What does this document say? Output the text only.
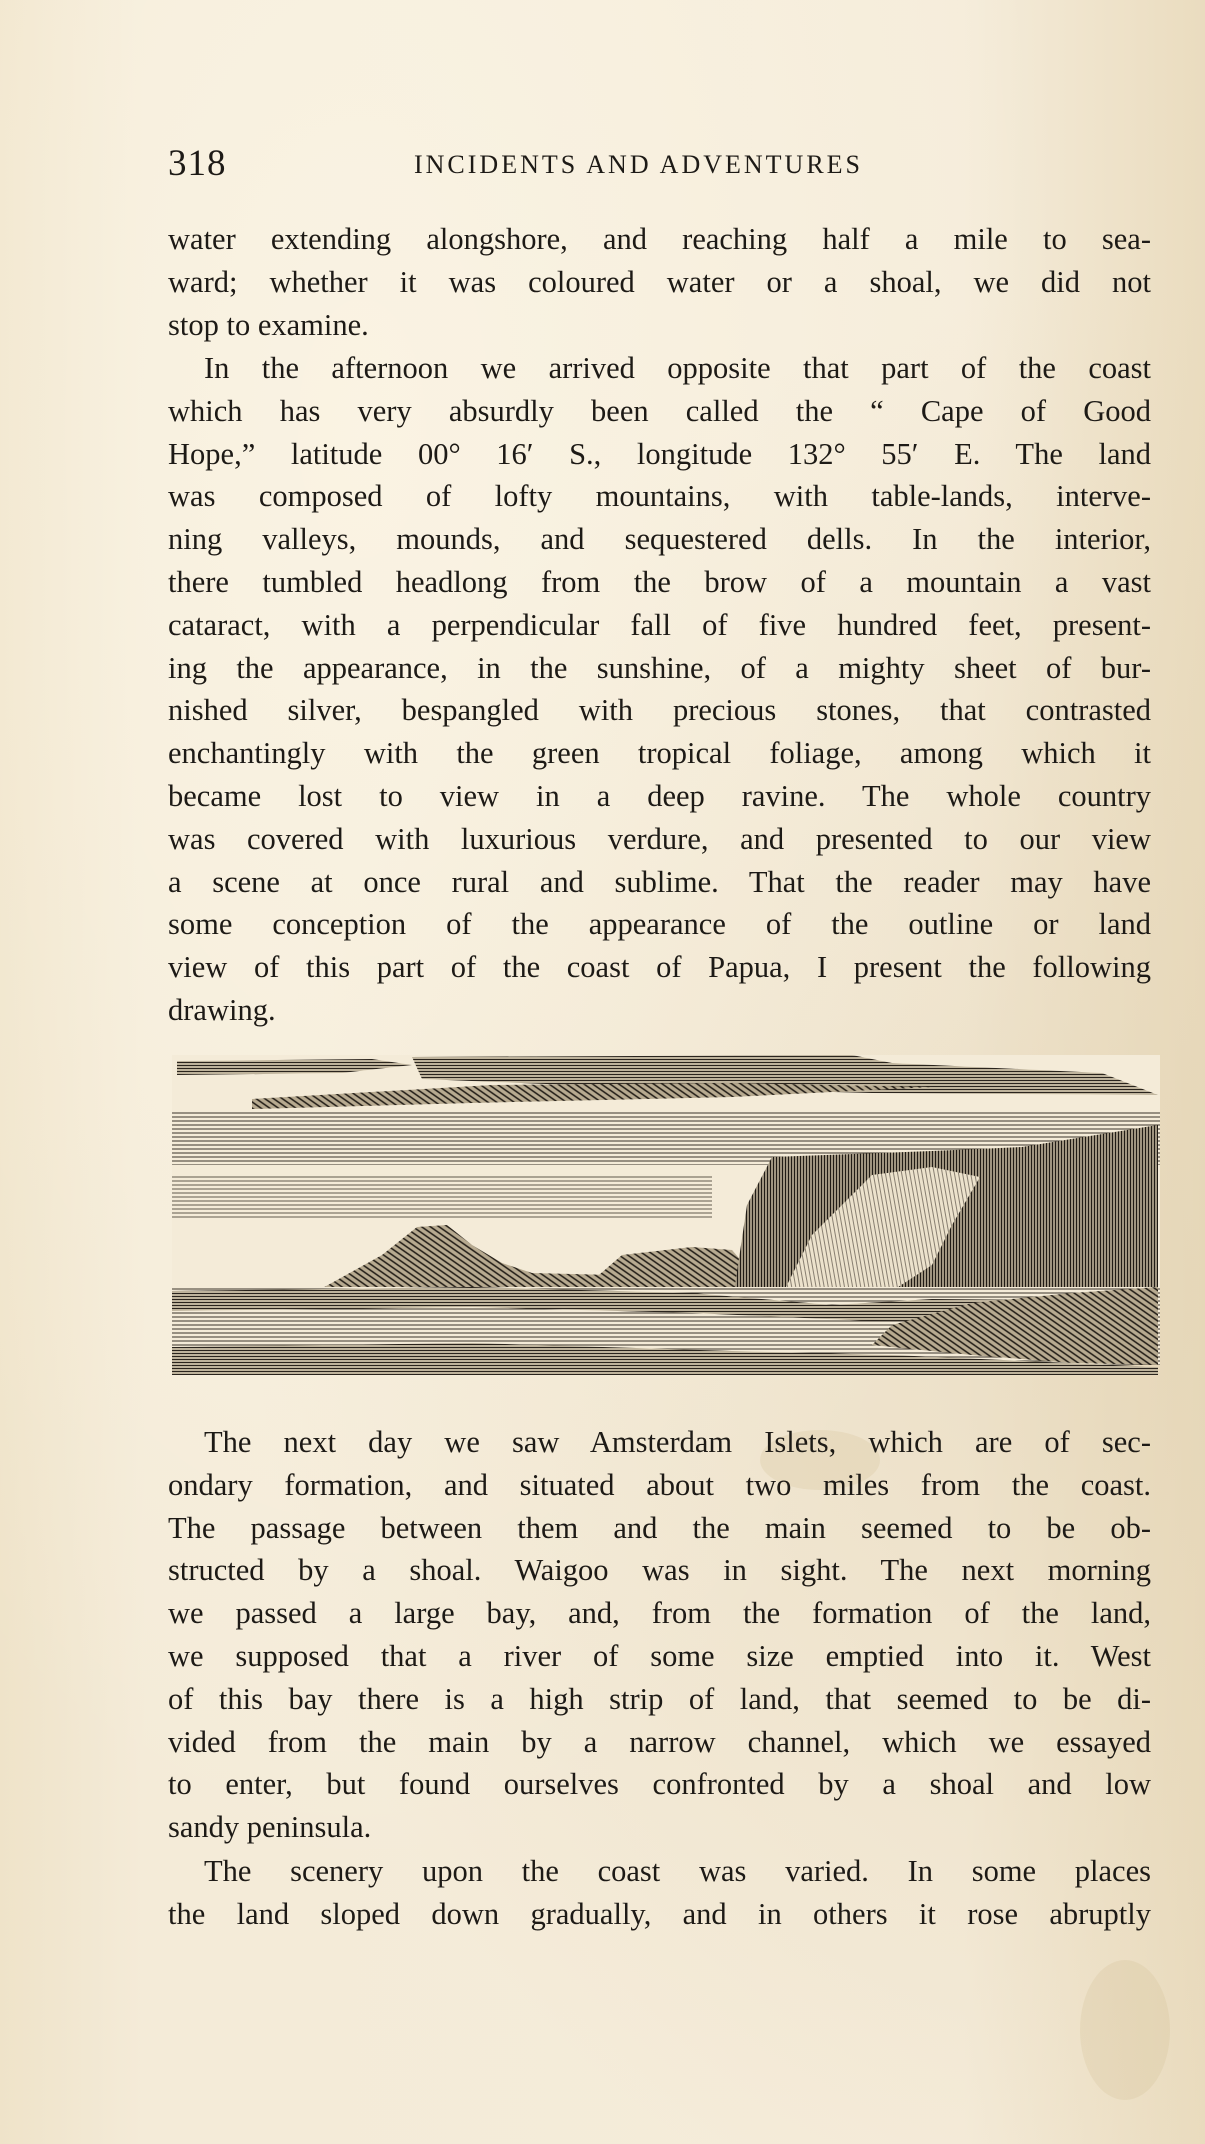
318	INCIDENTS AND ADVENTURES
water extending alongshore, and reaching half a mile to sea-
ward; whether it was coloured water or a shoal, we did not
stop to examine.
In the afternoon we arrived opposite that part of the coast
which has very absurdly been called the “ Cape of Good
Hope,” latitude 00° 16′ S., longitude 132° 55′ E. The land
was composed of lofty mountains, with table-lands, interve-
ning valleys, mounds, and sequestered dells. In the interior,
there tumbled headlong from the brow of a mountain a vast
cataract, with a perpendicular fall of five hundred feet, present-
ing the appearance, in the sunshine, of a mighty sheet of bur-
nished silver, bespangled with precious stones, that contrasted
enchantingly with the green tropical foliage, among which it
became lost to view in a deep ravine. The whole country
was covered with luxurious verdure, and presented to our view
a scene at once rural and sublime. That the reader may have
some conception of the appearance of the outline or land
view of this part of the coast of Papua, I present the following
drawing.
The next day we saw Amsterdam Islets, which are of sec-
ondary formation, and situated about two miles from the coast.
The passage between them and the main seemed to be ob-
structed by a shoal. Waigoo was in sight. The next morning
we passed a large bay, and, from the formation of the land,
we supposed that a river of some size emptied into it. West
of this bay there is a high strip of land, that seemed to be di-
vided from the main by a narrow channel, which we essayed
to enter, but found ourselves confronted by a shoal and low
sandy peninsula.
The scenery upon the coast was varied. In some places
the land sloped down gradually, and in others it rose abruptly
